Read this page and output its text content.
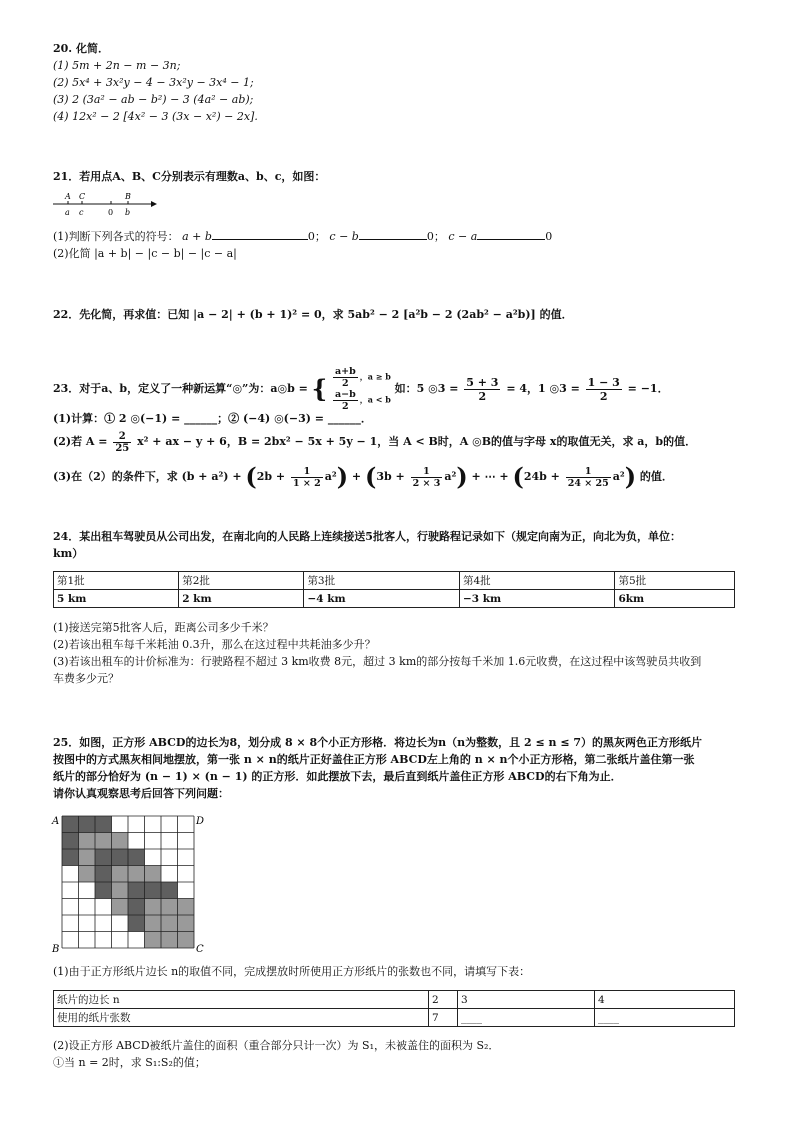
20. 化简．
(1) 5m + 2n − m − 3n;
(2) 5x⁴ + 3x²y − 4 − 3x²y − 3x⁴ − 1;
(3) 2 (3a² − ab − b²) − 3 (4a² − ab);
(4) 12x² − 2 [4x² − 3 (3x − x²) − 2x].
21．若用点A、B、C分别表示有理数a、b、c，如图：
A C	B
a c	0 b
(1)判断下列各式的符号： a + b	0； c − b	0； c − a	0
(2)化简 |a + b| − |c − b| − |c − a|
22．先化简，再求值：已知 |a − 2| + (b + 1)² = 0，求 5ab² − 2 [a²b − 2 (2ab² − a²b)] 的值．
23．对于a、b，定义了一种新运算“◎”为：a◎b = { $\frac{a+b}{2}$ ，a ≥ b
$\frac{a-b}{2}$ ，a < b
如：5 ◎3 = $\frac{5 + 3}{2} = 4$，1 ◎3 = $\frac{1 - 3}{2} = -1$．
(1)计算：① 2 ◎(−1) = ______；② (−4) ◎(−3) = ______．
(2)若 $A = \frac{2}{25} x^2$ + ax − y + 6，B = 2bx² − 5x + 5y − 1，当 A < B时，A ◎B的值与字母 x的取值无关，求 a，b的值．
(3)在（2）的条件下，求 $(b + a^2) + (2b + \frac{1}{1 \times 2} a^2) + (3b + \frac{1}{2 \times 3} a^2)$ + ⋯ + $(24b + \frac{1}{24 \times 25} a^2)$ 的值．
24．某出租车驾驶员从公司出发，在南北向的人民路上连续接送5批客人，行驶路程记录如下（规定向南为正，向北为负，单位：
km）
第1批	第2批	第3批	第4批	第5批
5 km	2 km	−4 km	−3 km	6km
(1)接送完第5批客人后，距离公司多少千米？
(2)若该出租车每千米耗油 0.3升，那么在这过程中共耗油多少升？
(3)若该出租车的计价标准为：行驶路程不超过 3 km收费 8元，超过 3 km的部分按每千米加 1.6元收费，在这过程中该驾驶员共收到
车费多少元？
25．如图，正方形 ABCD的边长为8，划分成 8 × 8个小正方形格．将边长为n（n为整数，且 2 ≤ n ≤ 7）的黑灰两色正方形纸片
按图中的方式黑灰相间地摆放，第一张 n × n的纸片正好盖住正方形 ABCD左上角的 n × n个小正方形格，第二张纸片盖住第一张
纸片的部分恰好为 (n − 1) × (n − 1) 的正方形．如此摆放下去，最后直到纸片盖住正方形 ABCD的右下角为止．
请你认真观察思考后回答下列问题：
A	D
B	C
(1)由于正方形纸片边长 n的取值不同，完成摆放时所使用正方形纸片的张数也不同，请填写下表：
纸片的边长 n	2	3	4
使用的纸片张数	7	____	____
(2)设正方形 ABCD被纸片盖住的面积（重合部分只计一次）为 S₁，未被盖住的面积为 S₂．
①当 n = 2时，求 S₁:S₂的值；
